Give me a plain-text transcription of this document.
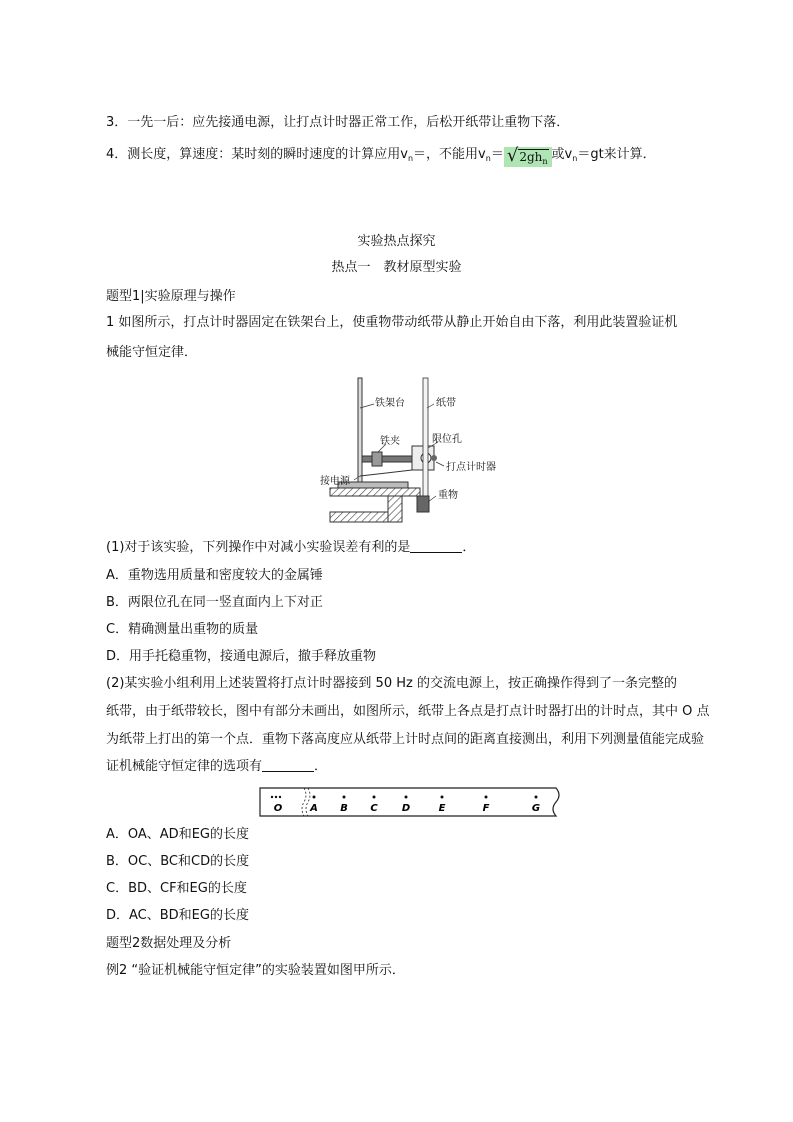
3．一先一后：应先接通电源，让打点计时器正常工作，后松开纸带让重物下落．
4．测长度，算速度：某时刻的瞬时速度的计算应用$v_n=$，不能用$v_n= √2gh_n$ 或$v_n=gt$来计算．
实验热点探究
热点一　教材原型实验
题型1|实验原理与操作
1 如图所示，打点计时器固定在铁架台上，使重物带动纸带从静止开始自由下落，利用此装置验证机
械能守恒定律．
铁架台	纸带
铁夹	限位孔
打点计时器
接电源
重物
(1)对于该实验，下列操作中对减小实验误差有利的是	．
A．重物选用质量和密度较大的金属锤
B．两限位孔在同一竖直面内上下对正
C．精确测量出重物的质量
D．用手托稳重物，接通电源后，撤手释放重物
(2)某实验小组利用上述装置将打点计时器接到 50 Hz 的交流电源上，按正确操作得到了一条完整的
纸带，由于纸带较长，图中有部分未画出，如图所示，纸带上各点是打点计时器打出的计时点，其中 O 点
为纸带上打出的第一个点．重物下落高度应从纸带上计时点间的距离直接测出，利用下列测量值能完成验
证机械能守恒定律的选项有	．
O	A B C D	E	F	G
A．OA、AD和EG的长度
B．OC、BC和CD的长度
C．BD、CF和EG的长度
D．AC、BD和EG的长度
题型2数据处理及分析
例2 “验证机械能守恒定律”的实验装置如图甲所示．
